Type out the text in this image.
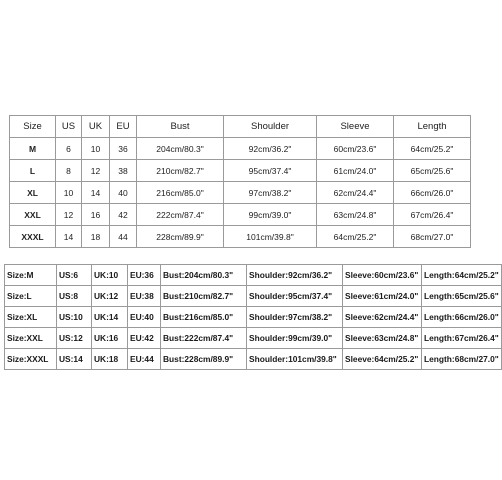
Size	US	UK	EU	Bust	Shoulder	Sleeve	Length
M	6	10	36	204cm/80.3"	92cm/36.2"	60cm/23.6"	64cm/25.2"
L	8	12	38	210cm/82.7"	95cm/37.4"	61cm/24.0"	65cm/25.6"
XL	10	14	40	216cm/85.0"	97cm/38.2"	62cm/24.4"	66cm/26.0"
XXL	12	16	42	222cm/87.4"	99cm/39.0"	63cm/24.8"	67cm/26.4"
XXXL	14	18	44	228cm/89.9"	101cm/39.8"	64cm/25.2"	68cm/27.0"
Size:M	US:6	UK:10	EU:36	Bust:204cm/80.3"	Shoulder:92cm/36.2"	Sleeve:60cm/23.6"	Length:64cm/25.2"
Size:L	US:8	UK:12	EU:38	Bust:210cm/82.7"	Shoulder:95cm/37.4"	Sleeve:61cm/24.0"	Length:65cm/25.6"
Size:XL	US:10	UK:14	EU:40	Bust:216cm/85.0"	Shoulder:97cm/38.2"	Sleeve:62cm/24.4"	Length:66cm/26.0"
Size:XXL	US:12	UK:16	EU:42	Bust:222cm/87.4"	Shoulder:99cm/39.0"	Sleeve:63cm/24.8"	Length:67cm/26.4"
Size:XXXL	US:14	UK:18	EU:44	Bust:228cm/89.9"	Shoulder:101cm/39.8"	Sleeve:64cm/25.2"	Length:68cm/27.0"
